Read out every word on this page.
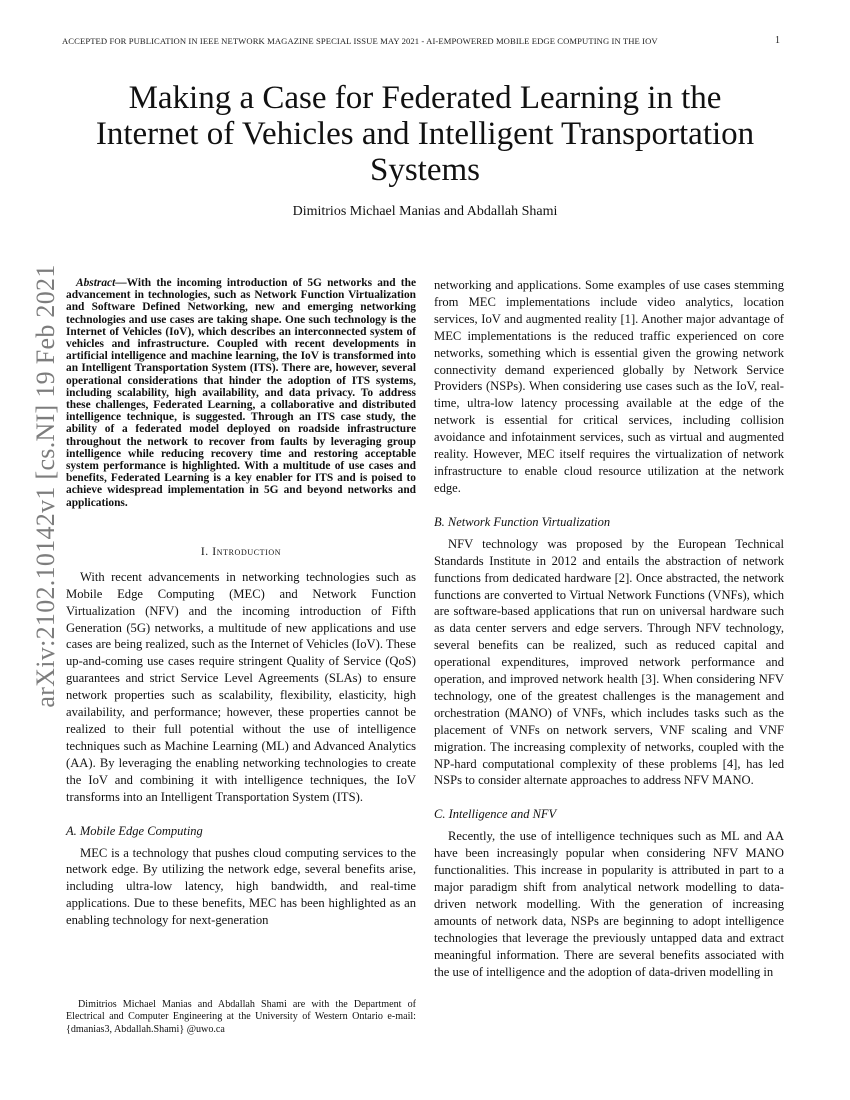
ACCEPTED FOR PUBLICATION IN IEEE NETWORK MAGAZINE SPECIAL ISSUE MAY 2021 - AI-EMPOWERED MOBILE EDGE COMPUTING IN THE IOV	1
arXiv:2102.10142v1 [cs.NI] 19 Feb 2021
Making a Case for Federated Learning in the Internet of Vehicles and Intelligent Transportation Systems
Dimitrios Michael Manias and Abdallah Shami

Abstract—With the incoming introduction of 5G networks and the advancement in technologies, such as Network Function Virtualization and Software Defined Networking, new and emerging networking technologies and use cases are taking shape. One such technology is the Internet of Vehicles (IoV), which describes an interconnected system of vehicles and infrastructure. Coupled with recent developments in artificial intelligence and machine learning, the IoV is transformed into an Intelligent Transportation System (ITS). There are, however, several operational considerations that hinder the adoption of ITS systems, including scalability, high availability, and data privacy. To address these challenges, Federated Learning, a collaborative and distributed intelligence technique, is suggested. Through an ITS case study, the ability of a federated model deployed on roadside infrastructure throughout the network to recover from faults by leveraging group intelligence while reducing recovery time and restoring acceptable system performance is highlighted. With a multitude of use cases and benefits, Federated Learning is a key enabler for ITS and is poised to achieve widespread implementation in 5G and beyond networks and applications.

I. Introduction

With recent advancements in networking technologies such as Mobile Edge Computing (MEC) and Network Function Virtualization (NFV) and the incoming introduction of Fifth Generation (5G) networks, a multitude of new applications and use cases are being realized, such as the Internet of Vehicles (IoV). These up-and-coming use cases require stringent Quality of Service (QoS) guarantees and strict Service Level Agreements (SLAs) to ensure network properties such as scalability, flexibility, elasticity, high availability, and performance; however, these properties cannot be realized to their full potential without the use of intelligence techniques such as Machine Learning (ML) and Advanced Analytics (AA). By leveraging the enabling networking technologies to create the IoV and combining it with intelligence techniques, the IoV transforms into an Intelligent Transportation System (ITS).

A. Mobile Edge Computing

MEC is a technology that pushes cloud computing services to the network edge. By utilizing the network edge, several benefits arise, including ultra-low latency, high bandwidth, and real-time applications. Due to these benefits, MEC has been highlighted as an enabling technology for next-generation

networking and applications. Some examples of use cases stemming from MEC implementations include video analytics, location services, IoV and augmented reality [1]. Another major advantage of MEC implementations is the reduced traffic experienced on core networks, something which is essential given the growing network connectivity demand experienced globally by Network Service Providers (NSPs). When considering use cases such as the IoV, real-time, ultra-low latency processing available at the edge of the network is essential for critical services, including collision avoidance and infotainment services, such as virtual and augmented reality. However, MEC itself requires the virtualization of network infrastructure to enable cloud resource utilization at the network edge.

B. Network Function Virtualization

NFV technology was proposed by the European Technical Standards Institute in 2012 and entails the abstraction of network functions from dedicated hardware [2]. Once abstracted, the network functions are converted to Virtual Network Functions (VNFs), which are software-based applications that run on universal hardware such as data center servers and edge servers. Through NFV technology, several benefits can be realized, such as reduced capital and operational expenditures, improved network performance and operation, and improved network health [3]. When considering NFV technology, one of the greatest challenges is the management and orchestration (MANO) of VNFs, which includes tasks such as the placement of VNFs on network servers, VNF scaling and VNF migration. The increasing complexity of networks, coupled with the NP-hard computational complexity of these problems [4], has led NSPs to consider alternate approaches to address NFV MANO.

C. Intelligence and NFV

Recently, the use of intelligence techniques such as ML and AA have been increasingly popular when considering NFV MANO functionalities. This increase in popularity is attributed in part to a major paradigm shift from analytical network modelling to data-driven network modelling. With the generation of increasing amounts of network data, NSPs are beginning to adopt intelligence technologies that leverage the previously untapped data and extract meaningful information. There are several benefits associated with the use of intelligence and the adoption of data-driven modelling in

Dimitrios Michael Manias and Abdallah Shami are with the Department of Electrical and Computer Engineering at the University of Western Ontario e-mail: {dmanias3, Abdallah.Shami} @uwo.ca
